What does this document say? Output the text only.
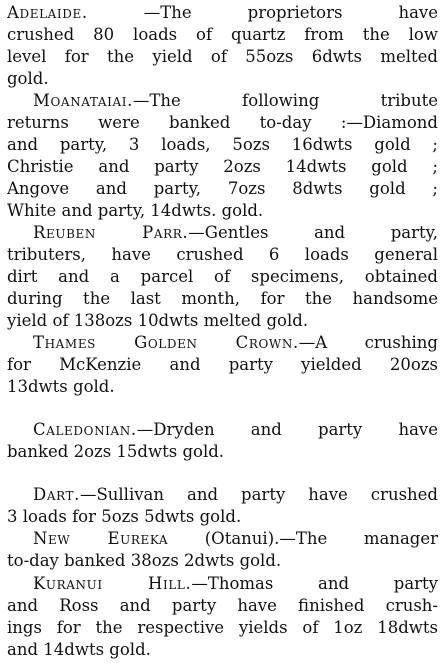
Adelaide. —The proprietors have

crushed 80 loads of quartz from the low

level for the yield of 55ozs 6dwts melted

gold.

Moanataiai.—The following tribute

returns were banked to-day :—Diamond

and party, 3 loads, 5ozs 16dwts gold ;

Christie and party 2ozs 14dwts gold ;

Angove and party, 7ozs 8dwts gold ;

White and party, 14dwts. gold.

Reuben Parr.—Gentles and party,

tributers, have crushed 6 loads general

dirt and a parcel of specimens, obtained

during the last month, for the handsome

yield of 138ozs 10dwts melted gold.

Thames Golden Crown.—A crushing

for McKenzie and party yielded 20ozs

13dwts gold.

Caledonian.—Dryden and party have

banked 2ozs 15dwts gold.

Dart.—Sullivan and party have crushed

3 loads for 5ozs 5dwts gold.

New Eureka (Otanui).—The manager

to-day banked 38ozs 2dwts gold.

Kuranui Hill.—Thomas and party

and Ross and party have finished crush-

ings for the respective yields of 1oz 18dwts

and 14dwts gold.
